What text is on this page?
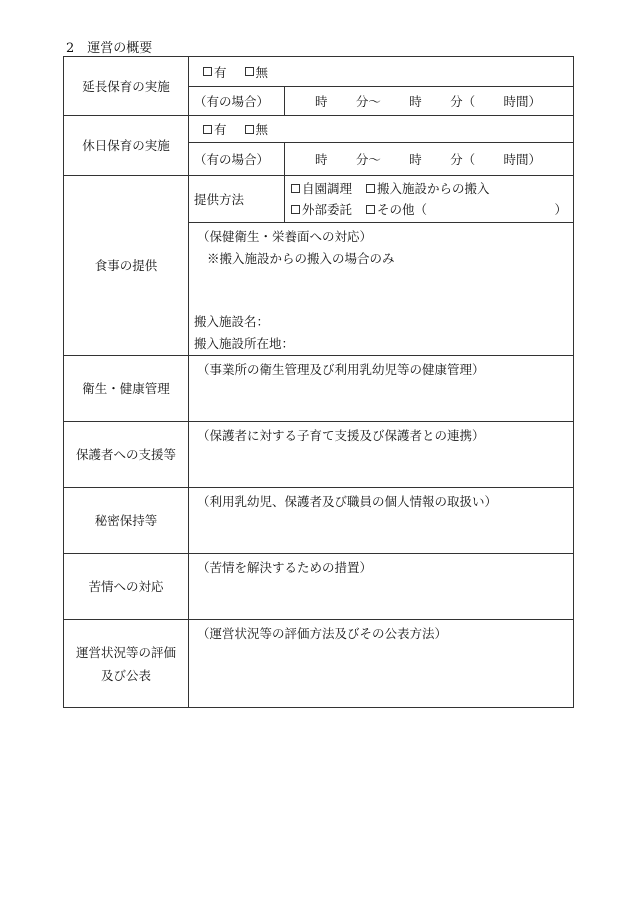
2　運営の概要
延長保育の実施	有
無	

	（有の場合）	時 分〜 時 分（ 時間）

休日保育の実施	有
無	

	（有の場合）	時 分〜 時 分（ 時間）

食事の提供	提供方法	自園調理 搬入施設からの搬入
外部委託 その他（ ）

	（保健衛生・栄養面への対応）
※搬入施設からの搬入の場合のみ
搬入施設名：
搬入施設所在地：	

衛生・健康管理	（事業所の衛生管理及び利用乳幼児等の健康管理）	

保護者への支援等	（保護者に対する子育て支援及び保護者との連携）	

秘密保持等	（利用乳幼児、保護者及び職員の個人情報の取扱い）	

苦情への対応	（苦情を解決するための措置）	

運営状況等の評価
及び公表	（運営状況等の評価方法及びその公表方法）	
